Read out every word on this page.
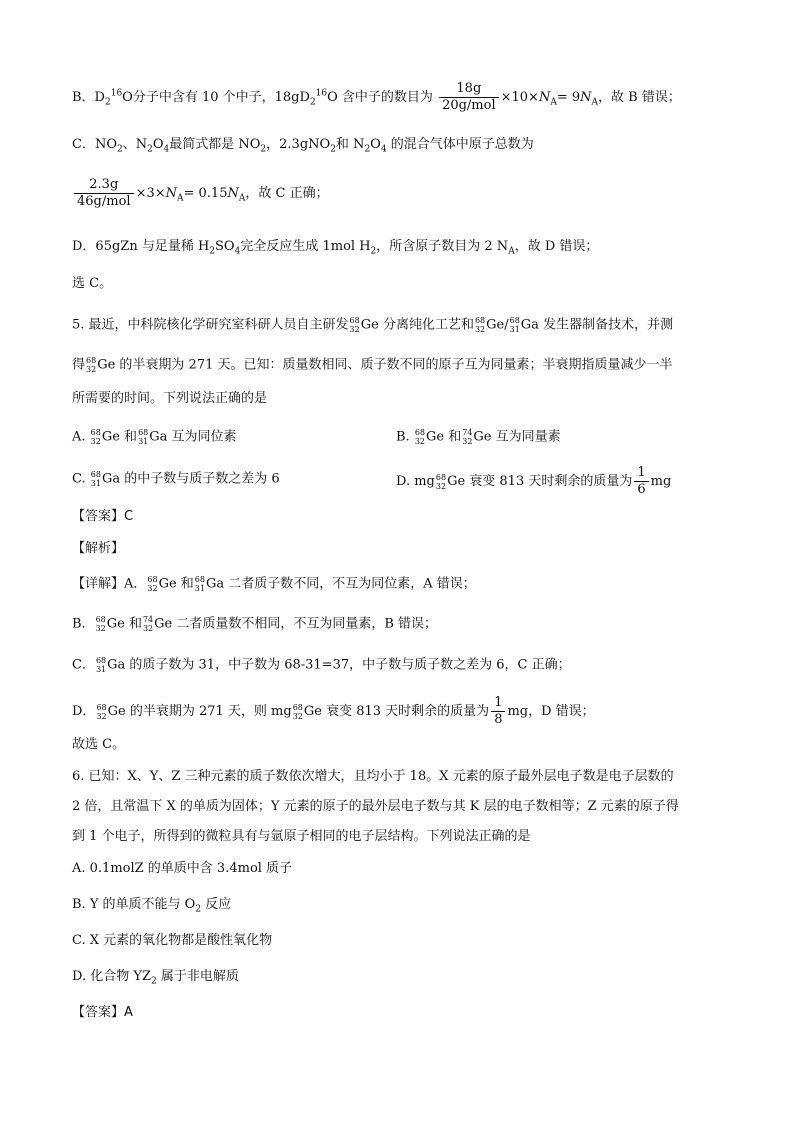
B．$D_2^{16}O$分子中含有 10 个中子，$18gD_2^{16}O$ 含中子的数目为 $\frac{18g}{\text{20g/mol}} \times 10\times N_A= 9N_A$，故 B 错误；
C．$NO_2$、$N_2O_4$最简式都是 $NO_2$，2.3gNO$_2$和 $N_2O_4$ 的混合气体中原子总数为
$\frac{2.3g}{\text{46g/mol}} \times 3\times N_A= 0.15N_A$，故 C 正确；
D．65gZn 与足量稀 $H_2SO_4$完全反应生成 1mol $H_2$，所含原子数目为 2 $N_A$，故 D 错误；
选 C。
5. 最近，中科院核化学研究室科研人员自主研发 68
32 Ge 分离纯化工艺和 68
32 Ge/ 68
31 Ga 发生器制备技术，并测
得 68
32 Ge 的半衰期为 271 天。已知：质量数相同、质子数不同的原子互为同量素；半衰期指质量减少一半
所需要的时间。下列说法正确的是
A. 68
32 Ge 和 68
31 Ga 互为同位素	B. 68
32 Ge 和 74
32 Ge 互为同量素
C. 68
31 Ga 的中子数与质子数之差为 6	D. mg 68
32 Ge 衰变 813 天时剩余的质量为 $\frac{1}{6}$ mg
【答案】C
【解析】
【详解】A． 68
32 Ge 和 68
31 Ga 二者质子数不同，不互为同位素，A 错误；
B． 68
32 Ge 和 74
32 Ge 二者质量数不相同，不互为同量素，B 错误；
C． 68
31 Ga 的质子数为 31，中子数为 68-31=37，中子数与质子数之差为 6，C 正确；
D． 68
32 Ge 的半衰期为 271 天，则 mg 68
32 Ge 衰变 813 天时剩余的质量为 $\frac{1}{8}$ mg，D 错误；
故选 C。
6. 已知：X、Y、Z 三种元素的质子数依次增大，且均小于 18。X 元素的原子最外层电子数是电子层数的
2 倍，且常温下 X 的单质为固体；Y 元素的原子的最外层电子数与其 K 层的电子数相等；Z 元素的原子得
到 1 个电子，所得到的微粒具有与氩原子相同的电子层结构。下列说法正确的是
A. 0.1molZ 的单质中含 3.4mol 质子
B. Y 的单质不能与 $O_2$ 反应
C. X 元素的氧化物都是酸性氧化物
D. 化合物 $YZ_2$ 属于非电解质
【答案】A
